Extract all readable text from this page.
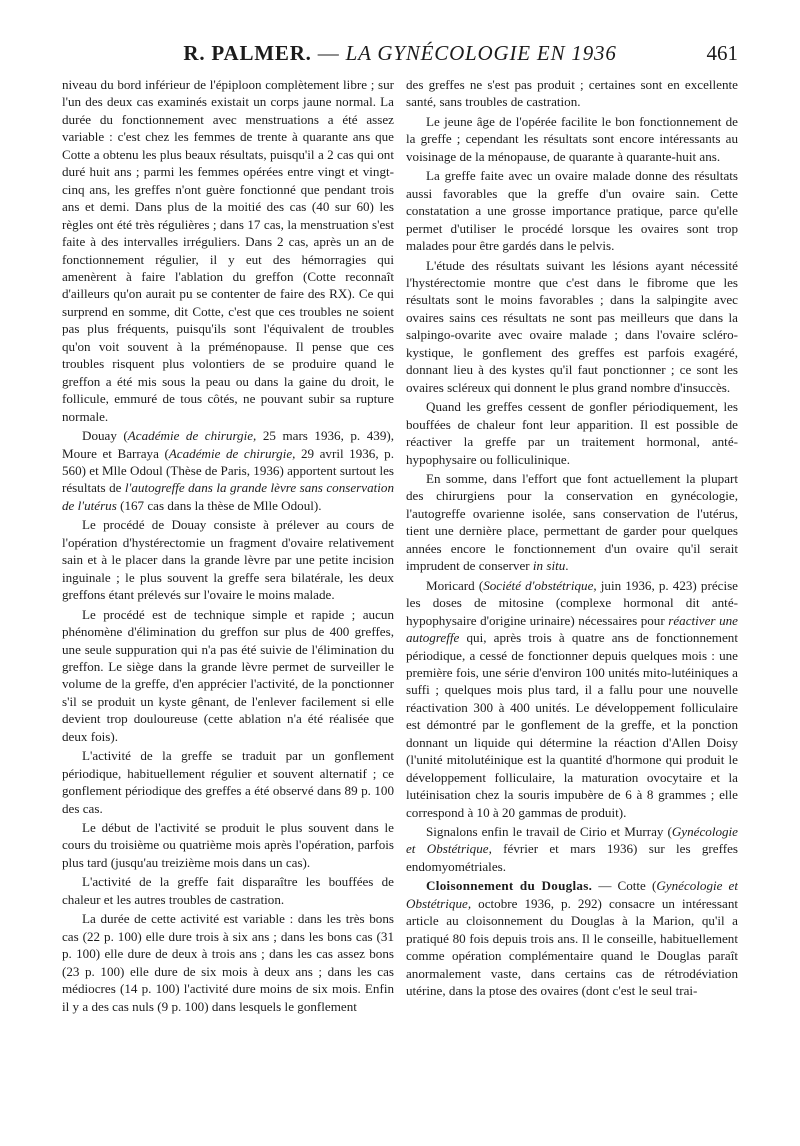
R. PALMER. — LA GYNÉCOLOGIE EN 1936	461

niveau du bord inférieur de l'épiploon complètement libre ; sur l'un des deux cas examinés existait un corps jaune normal. La durée du fonctionnement avec menstruations a été assez variable : c'est chez les femmes de trente à quarante ans que Cotte a obtenu les plus beaux résultats, puisqu'il a 2 cas qui ont duré huit ans ; parmi les femmes opérées entre vingt et vingt-cinq ans, les greffes n'ont guère fonctionné que pendant trois ans et demi. Dans plus de la moitié des cas (40 sur 60) les règles ont été très régulières ; dans 17 cas, la menstruation s'est faite à des intervalles irréguliers. Dans 2 cas, après un an de fonctionnement régulier, il y eut des hémorragies qui amenèrent à faire l'ablation du greffon (Cotte reconnaît d'ailleurs qu'on aurait pu se contenter de faire des RX). Ce qui surprend en somme, dit Cotte, c'est que ces troubles ne soient pas plus fréquents, puisqu'ils sont l'équivalent de troubles qu'on voit souvent à la préménopause. Il pense que ces troubles risquent plus volontiers de se produire quand le greffon a été mis sous la peau ou dans la gaine du droit, le follicule, emmuré de tous côtés, ne pouvant subir sa rupture normale.

Douay (Académie de chirurgie, 25 mars 1936, p. 439), Moure et Barraya (Académie de chirurgie, 29 avril 1936, p. 560) et Mlle Odoul (Thèse de Paris, 1936) apportent surtout les résultats de l'autogreffe dans la grande lèvre sans conservation de l'utérus (167 cas dans la thèse de Mlle Odoul).

Le procédé de Douay consiste à prélever au cours de l'opération d'hystérectomie un fragment d'ovaire relativement sain et à le placer dans la grande lèvre par une petite incision inguinale ; le plus souvent la greffe sera bilatérale, les deux greffons étant prélevés sur l'ovaire le moins malade.

Le procédé est de technique simple et rapide ; aucun phénomène d'élimination du greffon sur plus de 400 greffes, une seule suppuration qui n'a pas été suivie de l'élimination du greffon. Le siège dans la grande lèvre permet de surveiller le volume de la greffe, d'en apprécier l'activité, de la ponctionner s'il se produit un kyste gênant, de l'enlever facilement si elle devient trop douloureuse (cette ablation n'a été réalisée que deux fois).

L'activité de la greffe se traduit par un gonflement périodique, habituellement régulier et souvent alternatif ; ce gonflement périodique des greffes a été observé dans 89 p. 100 des cas.

Le début de l'activité se produit le plus souvent dans le cours du troisième ou quatrième mois après l'opération, parfois plus tard (jusqu'au treizième mois dans un cas).

L'activité de la greffe fait disparaître les bouffées de chaleur et les autres troubles de castration.

La durée de cette activité est variable : dans les très bons cas (22 p. 100) elle dure trois à six ans ; dans les bons cas (31 p. 100) elle dure de deux à trois ans ; dans les cas assez bons (23 p. 100) elle dure de six mois à deux ans ; dans les cas médiocres (14 p. 100) l'activité dure moins de six mois. Enfin il y a des cas nuls (9 p. 100) dans lesquels le gonflement

des greffes ne s'est pas produit ; certaines sont en excellente santé, sans troubles de castration.

Le jeune âge de l'opérée facilite le bon fonctionnement de la greffe ; cependant les résultats sont encore intéressants au voisinage de la ménopause, de quarante à quarante-huit ans.

La greffe faite avec un ovaire malade donne des résultats aussi favorables que la greffe d'un ovaire sain. Cette constatation a une grosse importance pratique, parce qu'elle permet d'utiliser le procédé lorsque les ovaires sont trop malades pour être gardés dans le pelvis.

L'étude des résultats suivant les lésions ayant nécessité l'hystérectomie montre que c'est dans le fibrome que les résultats sont le moins favorables ; dans la salpingite avec ovaires sains ces résultats ne sont pas meilleurs que dans la salpingo-ovarite avec ovaire malade ; dans l'ovaire scléro-kystique, le gonflement des greffes est parfois exagéré, donnant lieu à des kystes qu'il faut ponctionner ; ce sont les ovaires scléreux qui donnent le plus grand nombre d'insuccès.

Quand les greffes cessent de gonfler périodiquement, les bouffées de chaleur font leur apparition. Il est possible de réactiver la greffe par un traitement hormonal, anté-hypophysaire ou folliculinique.

En somme, dans l'effort que font actuellement la plupart des chirurgiens pour la conservation en gynécologie, l'autogreffe ovarienne isolée, sans conservation de l'utérus, tient une dernière place, permettant de garder pour quelques années encore le fonctionnement d'un ovaire qu'il serait imprudent de conserver in situ.

Moricard (Société d'obstétrique, juin 1936, p. 423) précise les doses de mitosine (complexe hormonal dit anté-hypophysaire d'origine urinaire) nécessaires pour réactiver une autogreffe qui, après trois à quatre ans de fonctionnement périodique, a cessé de fonctionner depuis quelques mois : une première fois, une série d'environ 100 unités mito-lutéiniques a suffi ; quelques mois plus tard, il a fallu pour une nouvelle réactivation 300 à 400 unités. Le développement folliculaire est démontré par le gonflement de la greffe, et la ponction donnant un liquide qui détermine la réaction d'Allen Doisy (l'unité mitolutéinique est la quantité d'hormone qui produit le développement folliculaire, la maturation ovocytaire et la lutéinisation chez la souris impubère de 6 à 8 grammes ; elle correspond à 10 à 20 gammas de produit).

Signalons enfin le travail de Cirio et Murray (Gynécologie et Obstétrique, février et mars 1936) sur les greffes endomyométriales.

Cloisonnement du Douglas. — Cotte (Gynécologie et Obstétrique, octobre 1936, p. 292) consacre un intéressant article au cloisonnement du Douglas à la Marion, qu'il a pratiqué 80 fois depuis trois ans. Il le conseille, habituellement comme opération complémentaire quand le Douglas paraît anormalement vaste, dans certains cas de rétrodéviation utérine, dans la ptose des ovaires (dont c'est le seul trai-
